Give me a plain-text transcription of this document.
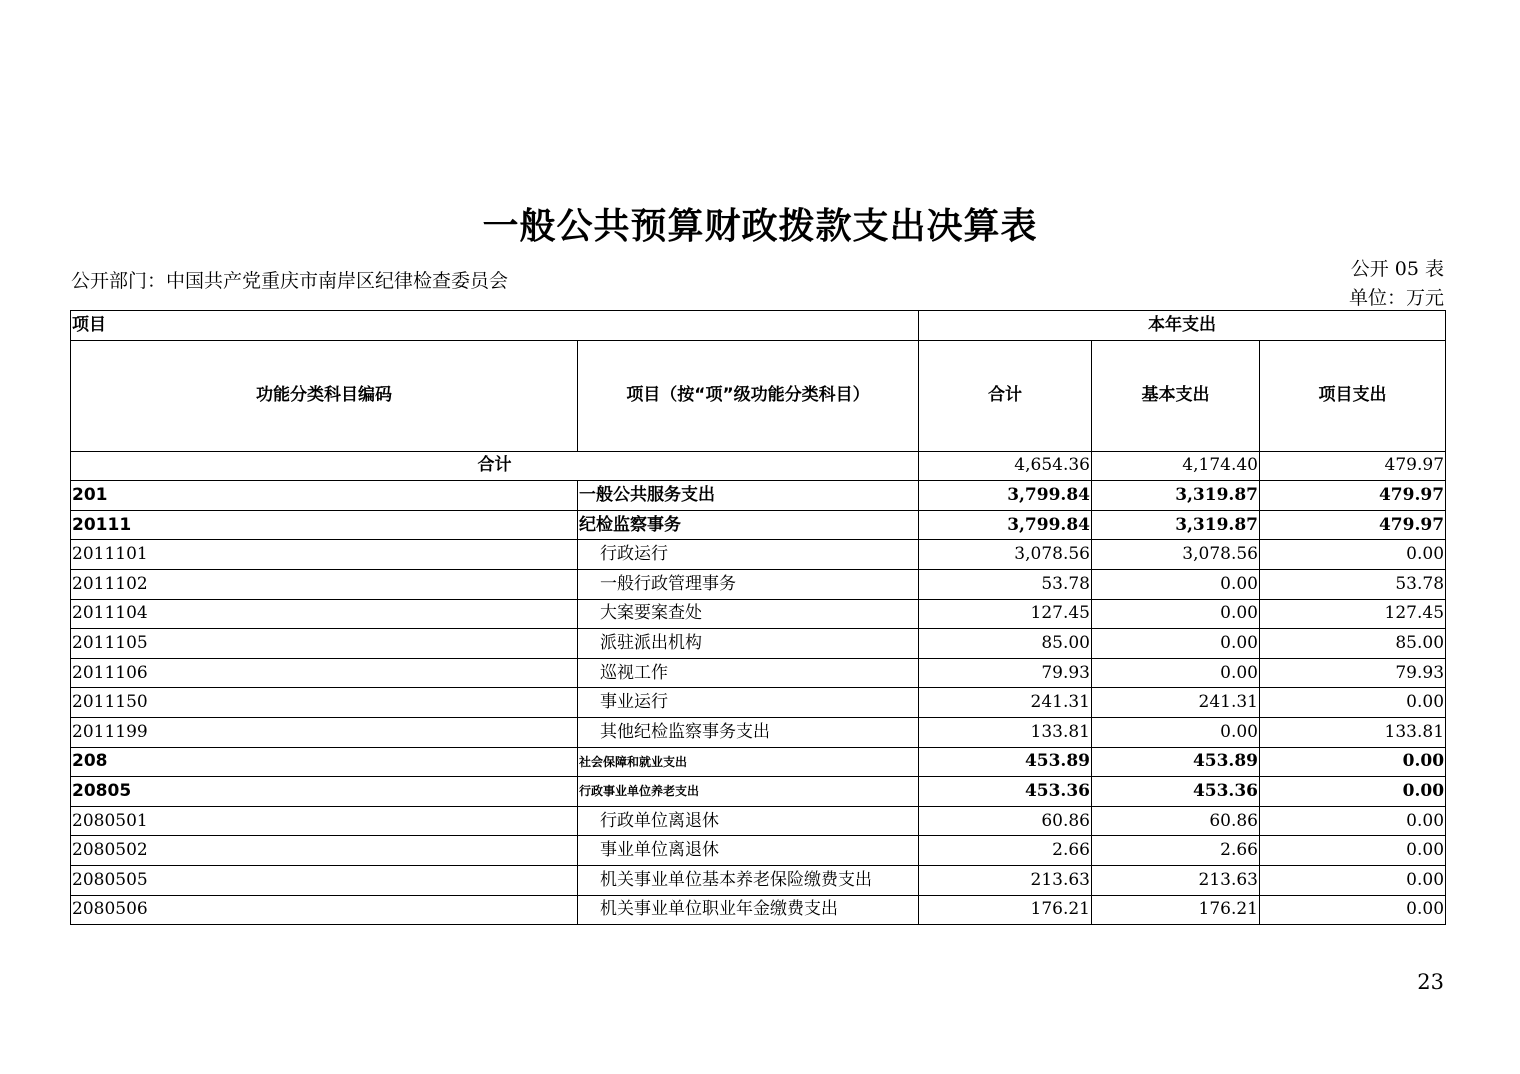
一般公共预算财政拨款支出决算表
公开部门：中国共产党重庆市南岸区纪律检查委员会
公开 05 表
单位：万元
项目		本年支出		
功能分类科目编码	项目（按“项”级功能分类科目）	合计	基本支出	项目支出
合计		4,654.36	4,174.40	479.97
201	一般公共服务支出	3,799.84	3,319.87	479.97
20111	纪检监察事务	3,799.84	3,319.87	479.97
2011101	行政运行	3,078.56	3,078.56	0.00
2011102	一般行政管理事务	53.78	0.00	53.78
2011104	大案要案查处	127.45	0.00	127.45
2011105	派驻派出机构	85.00	0.00	85.00
2011106	巡视工作	79.93	0.00	79.93
2011150	事业运行	241.31	241.31	0.00
2011199	其他纪检监察事务支出	133.81	0.00	133.81
208	社会保障和就业支出	453.89	453.89	0.00
20805	行政事业单位养老支出	453.36	453.36	0.00
2080501	行政单位离退休	60.86	60.86	0.00
2080502	事业单位离退休	2.66	2.66	0.00
2080505	机关事业单位基本养老保险缴费支出	213.63	213.63	0.00
2080506	机关事业单位职业年金缴费支出	176.21	176.21	0.00
23
